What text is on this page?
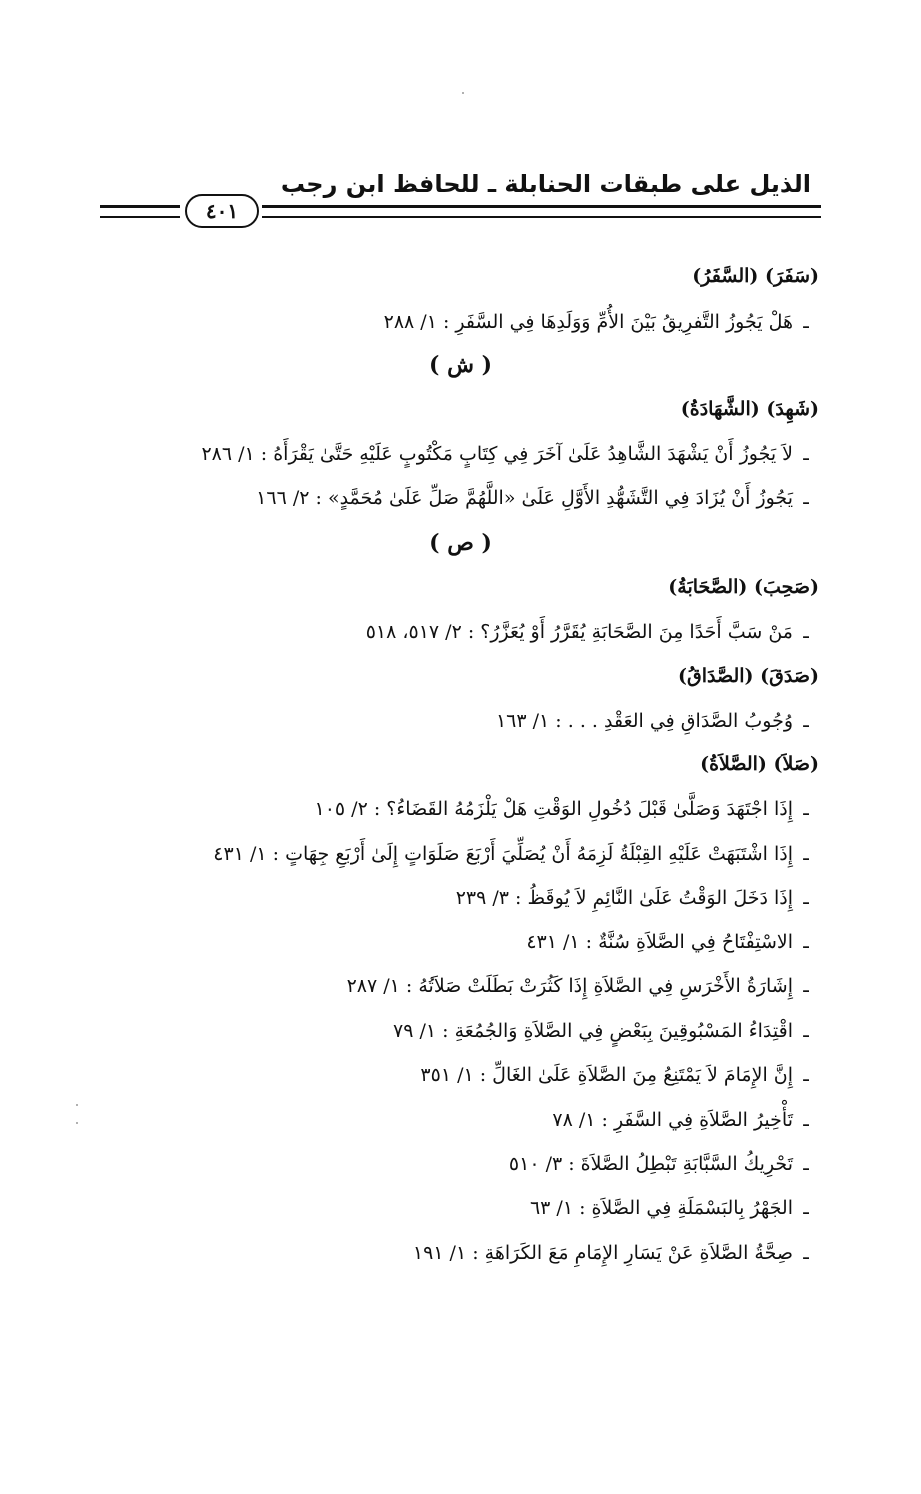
الذيل على طبقات الحنابلة ـ للحافظ ابن رجب
٤٠١
(سَفَرَ) (السَّفَرُ)
ـهَلْ يَجُوزُ التَّفرِيقُ بَيْنَ الأُمِّ وَوَلَدِهَا فِي السَّفَرِ : ١/ ٢٨٨
( ش )
(شَهِدَ) (الشَّهَادَةُ)
ـلاَ يَجُوزُ أَنْ يَشْهَدَ الشَّاهِدُ عَلَىٰ آخَرَ فِي كِتَابٍ مَكْتُوبٍ عَلَيْهِ حَتَّىٰ يَقْرَأَهُ : ١/ ٢٨٦
ـيَجُوزُ أَنْ يُزَادَ فِي التَّشَهُّدِ الأَوَّلِ عَلَىٰ «اللَّهُمَّ صَلِّ عَلَىٰ مُحَمَّدٍ» : ٢/ ١٦٦
( ص )
(صَحِبَ) (الصَّحَابَةُ)
ـمَنْ سَبَّ أَحَدًا مِنَ الصَّحَابَةِ يُقَرَّرُ أَوْ يُعَزَّرُ؟ : ٢/ ٥١٧، ٥١٨
(صَدَقَ) (الصَّدَاقُ)
ـوُجُوبُ الصَّدَاقِ فِي العَقْدِ . . . : ١/ ١٦٣
(صَلاَ) (الصَّلاَةُ)
ـإِذَا اجْتَهَدَ وَصَلَّىٰ قَبْلَ دُخُولِ الوَقْتِ هَلْ يَلْزَمُهُ القَضَاءُ؟ : ٢/ ١٠٥
ـإِذَا اشْتَبَهَتْ عَلَيْهِ القِبْلَةُ لَزِمَهُ أَنْ يُصَلِّيَ أَرْبَعَ صَلَوَاتٍ إِلَىٰ أَرْبَعِ جِهَاتٍ : ١/ ٤٣١
ـإِذَا دَخَلَ الوَقْتُ عَلَىٰ النَّائِمِ لاَ يُوقَظُ : ٣/ ٢٣٩
ـالاسْتِفْتَاحُ فِي الصَّلاَةِ سُنَّةٌ : ١/ ٤٣١
ـإِشَارَةُ الأَخْرَسِ فِي الصَّلاَةِ إِذَا كَثُرَتْ بَطَلَتْ صَلاَتُهُ : ١/ ٢٨٧
ـاقْتِدَاءُ المَسْبُوقِينَ بِبَعْضٍ فِي الصَّلاَةِ وَالجُمُعَةِ : ١/ ٧٩
ـإِنَّ الإِمَامَ لاَ يَمْتَنِعُ مِنَ الصَّلاَةِ عَلَىٰ الغَالِّ : ١/ ٣٥١
ـتَأْخِيرُ الصَّلاَةِ فِي السَّفَرِ : ١/ ٧٨
ـتَحْرِيكُ السَّبَّابَةِ تَبْطِلُ الصَّلاَةَ : ٣/ ٥١٠
ـالجَهْرُ بِالبَسْمَلَةِ فِي الصَّلاَةِ : ١/ ٦٣
ـصِحَّةُ الصَّلاَةِ عَنْ يَسَارِ الإِمَامِ مَعَ الكَرَاهَةِ : ١/ ١٩١
